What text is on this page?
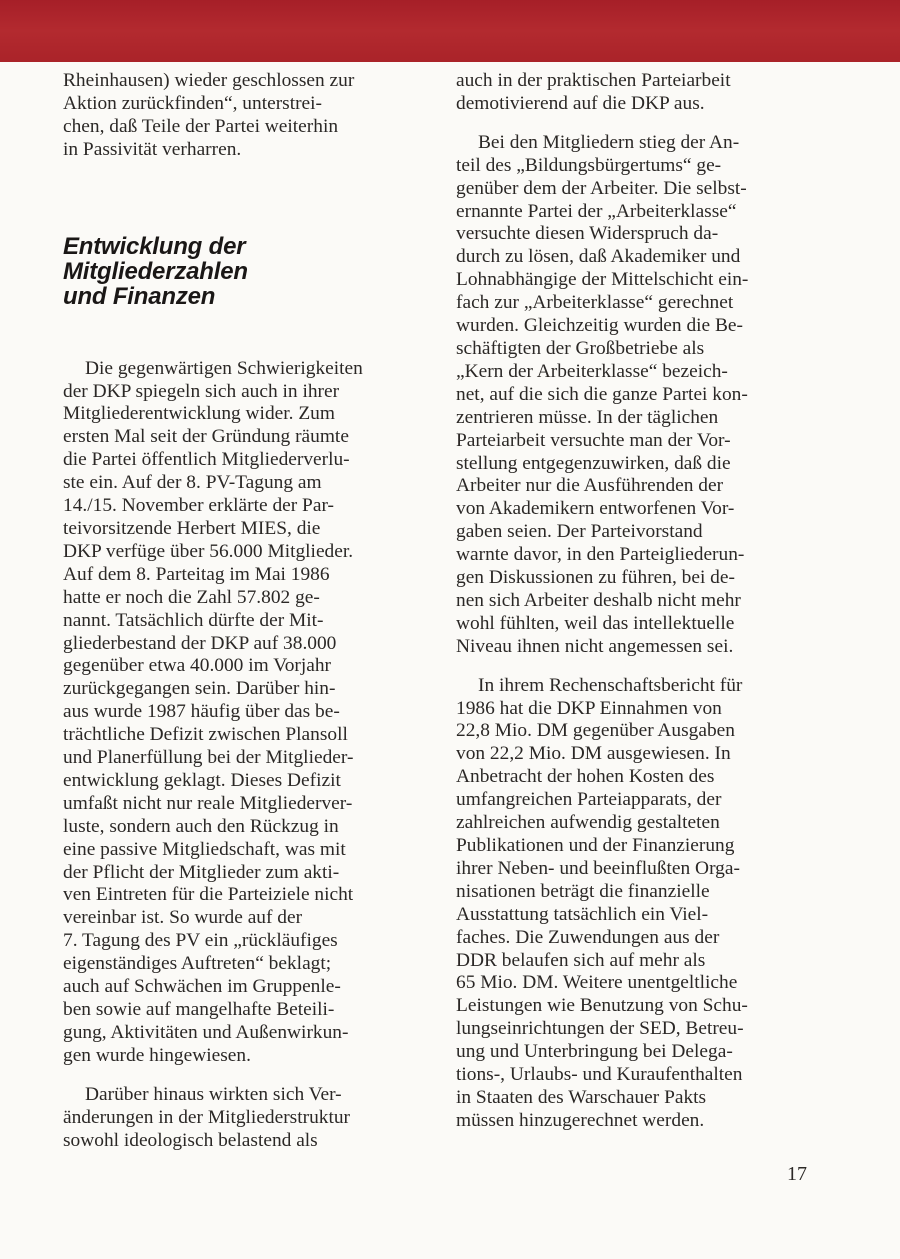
Rheinhausen) wieder geschlossen zur
Aktion zurückfinden“, unterstrei-
chen, daß Teile der Partei weiterhin
in Passivität verharren.

Entwicklung der
Mitgliederzahlen
und Finanzen

Die gegenwärtigen Schwierigkeiten
der DKP spiegeln sich auch in ihrer
Mitgliederentwicklung wider. Zum
ersten Mal seit der Gründung räumte
die Partei öffentlich Mitgliederverlu-
ste ein. Auf der 8. PV-Tagung am
14./15. November erklärte der Par-
teivorsitzende Herbert MIES, die
DKP verfüge über 56.000 Mitglieder.
Auf dem 8. Parteitag im Mai 1986
hatte er noch die Zahl 57.802 ge-
nannt. Tatsächlich dürfte der Mit-
gliederbestand der DKP auf 38.000
gegenüber etwa 40.000 im Vorjahr
zurückgegangen sein. Darüber hin-
aus wurde 1987 häufig über das be-
trächtliche Defizit zwischen Plansoll
und Planerfüllung bei der Mitglieder-
entwicklung geklagt. Dieses Defizit
umfaßt nicht nur reale Mitgliederver-
luste, sondern auch den Rückzug in
eine passive Mitgliedschaft, was mit
der Pflicht der Mitglieder zum akti-
ven Eintreten für die Parteiziele nicht
vereinbar ist. So wurde auf der
7. Tagung des PV ein „rückläufiges
eigenständiges Auftreten“ beklagt;
auch auf Schwächen im Gruppenle-
ben sowie auf mangelhafte Beteili-
gung, Aktivitäten und Außenwirkun-
gen wurde hingewiesen.

Darüber hinaus wirkten sich Ver-
änderungen in der Mitgliederstruktur
sowohl ideologisch belastend als

auch in der praktischen Parteiarbeit
demotivierend auf die DKP aus.

Bei den Mitgliedern stieg der An-
teil des „Bildungsbürgertums“ ge-
genüber dem der Arbeiter. Die selbst-
ernannte Partei der „Arbeiterklasse“
versuchte diesen Widerspruch da-
durch zu lösen, daß Akademiker und
Lohnabhängige der Mittelschicht ein-
fach zur „Arbeiterklasse“ gerechnet
wurden. Gleichzeitig wurden die Be-
schäftigten der Großbetriebe als
„Kern der Arbeiterklasse“ bezeich-
net, auf die sich die ganze Partei kon-
zentrieren müsse. In der täglichen
Parteiarbeit versuchte man der Vor-
stellung entgegenzuwirken, daß die
Arbeiter nur die Ausführenden der
von Akademikern entworfenen Vor-
gaben seien. Der Parteivorstand
warnte davor, in den Parteigliederun-
gen Diskussionen zu führen, bei de-
nen sich Arbeiter deshalb nicht mehr
wohl fühlten, weil das intellektuelle
Niveau ihnen nicht angemessen sei.

In ihrem Rechenschaftsbericht für
1986 hat die DKP Einnahmen von
22,8 Mio. DM gegenüber Ausgaben
von 22,2 Mio. DM ausgewiesen. In
Anbetracht der hohen Kosten des
umfangreichen Parteiapparats, der
zahlreichen aufwendig gestalteten
Publikationen und der Finanzierung
ihrer Neben- und beeinflußten Orga-
nisationen beträgt die finanzielle
Ausstattung tatsächlich ein Viel-
faches. Die Zuwendungen aus der
DDR belaufen sich auf mehr als
65 Mio. DM. Weitere unentgeltliche
Leistungen wie Benutzung von Schu-
lungseinrichtungen der SED, Betreu-
ung und Unterbringung bei Delega-
tions-, Urlaubs- und Kuraufenthalten
in Staaten des Warschauer Pakts
müssen hinzugerechnet werden.

17
